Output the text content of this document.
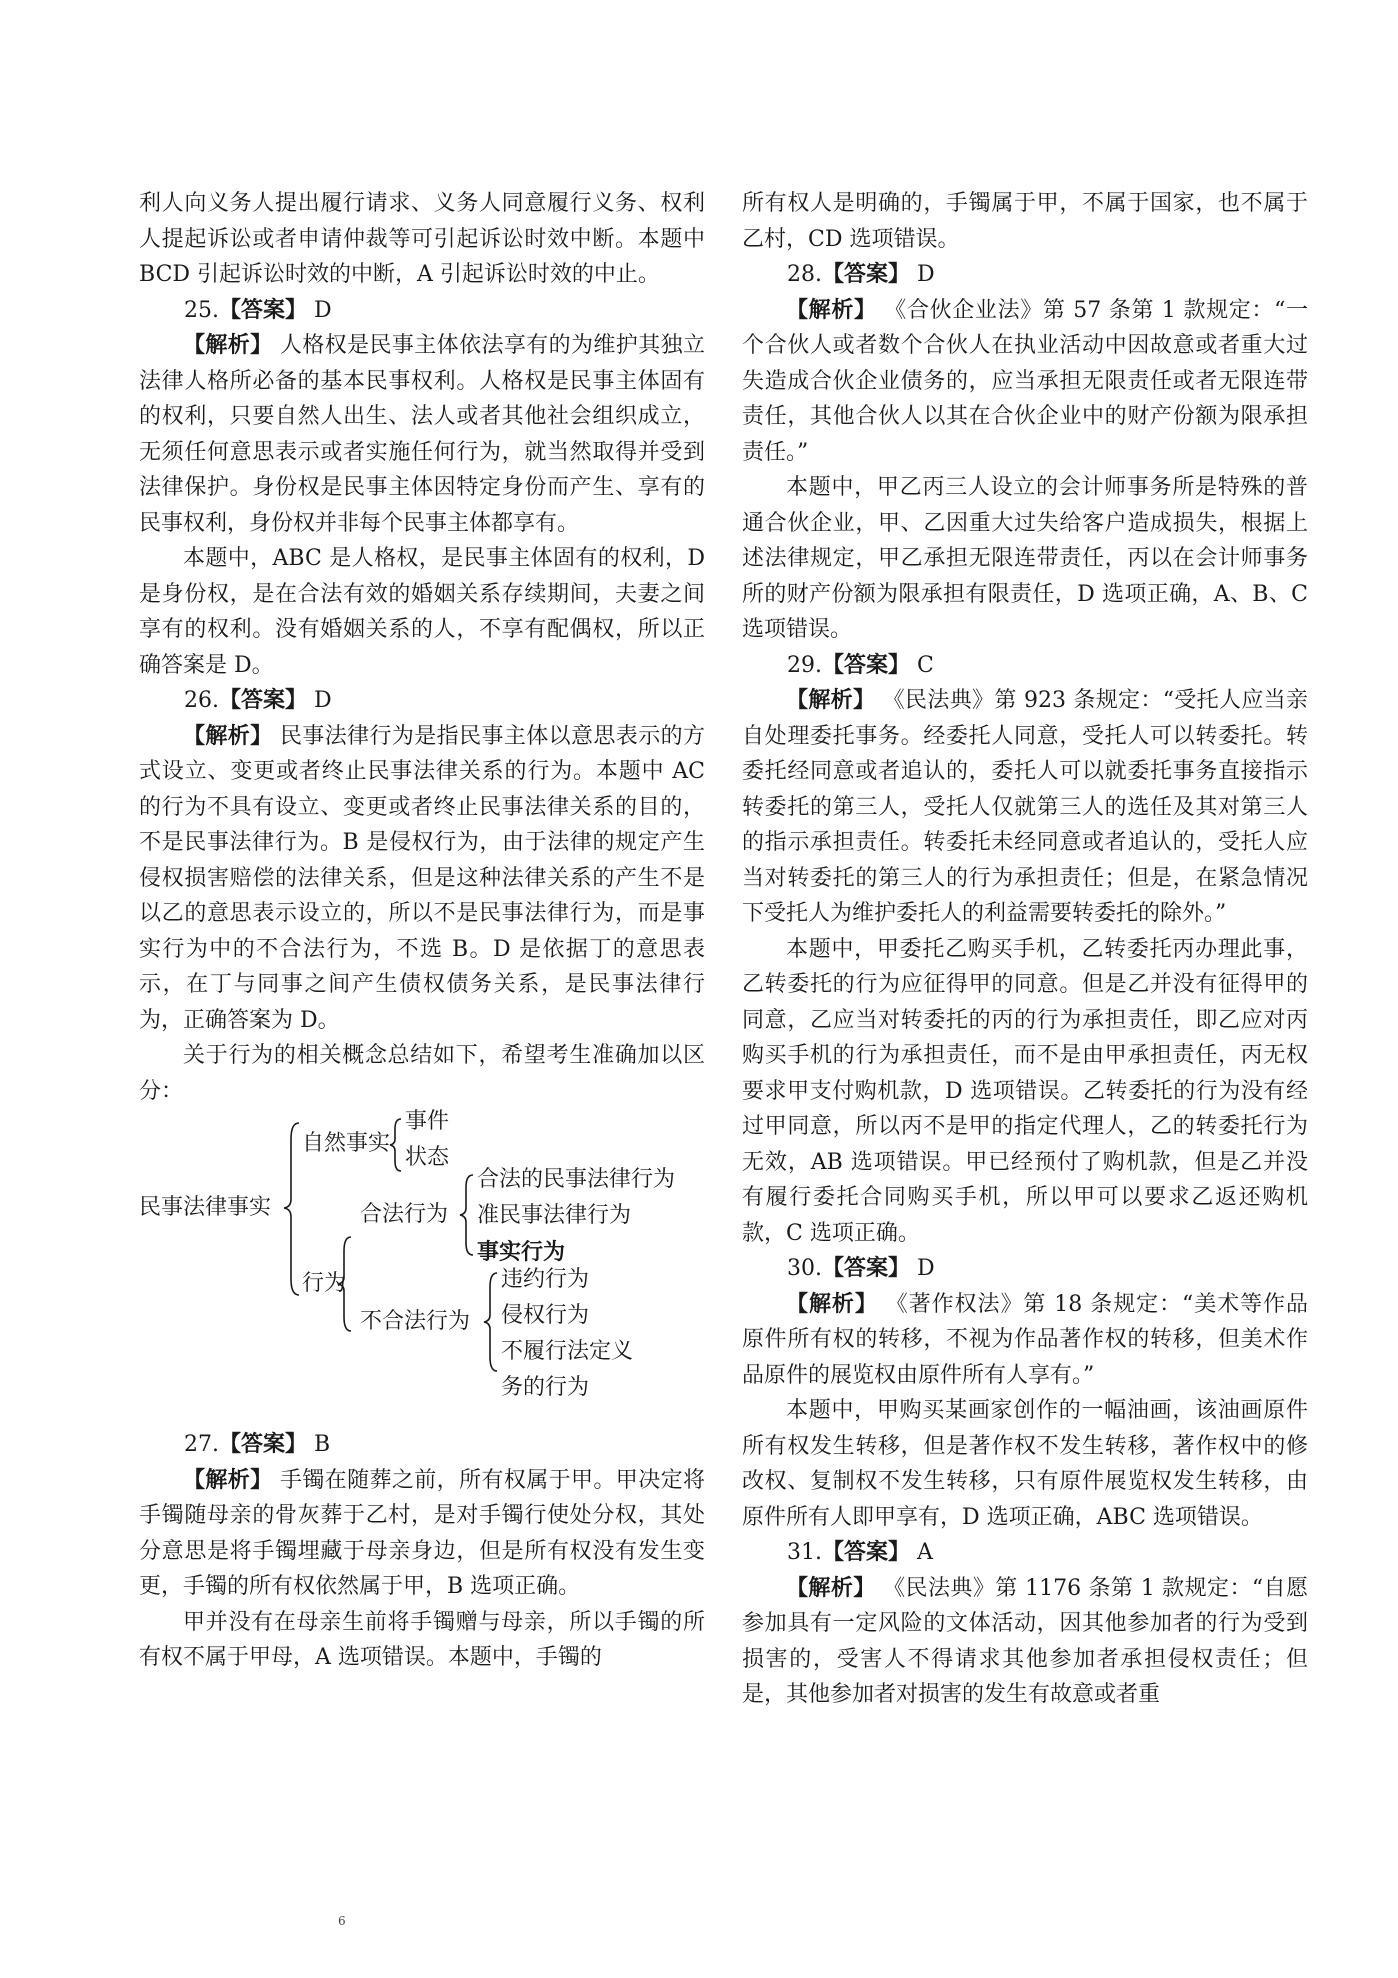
利人向义务人提出履行请求、义务人同意履行义务、权利人提起诉讼或者申请仲裁等可引起诉讼时效中断。本题中 BCD 引起诉讼时效的中断，A 引起诉讼时效的中止。

25.【答案】 D

【解析】 人格权是民事主体依法享有的为维护其独立法律人格所必备的基本民事权利。人格权是民事主体固有的权利，只要自然人出生、法人或者其他社会组织成立，无须任何意思表示或者实施任何行为，就当然取得并受到法律保护。身份权是民事主体因特定身份而产生、享有的民事权利，身份权并非每个民事主体都享有。

本题中，ABC 是人格权，是民事主体固有的权利，D 是身份权，是在合法有效的婚姻关系存续期间，夫妻之间享有的权利。没有婚姻关系的人，不享有配偶权，所以正确答案是 D。

26.【答案】 D

【解析】 民事法律行为是指民事主体以意思表示的方式设立、变更或者终止民事法律关系的行为。本题中 AC 的行为不具有设立、变更或者终止民事法律关系的目的，不是民事法律行为。B 是侵权行为，由于法律的规定产生侵权损害赔偿的法律关系，但是这种法律关系的产生不是以乙的意思表示设立的，所以不是民事法律行为，而是事实行为中的不合法行为，不选 B。D 是依据丁的意思表示，在丁与同事之间产生债权债务关系，是民事法律行为，正确答案为 D。

关于行为的相关概念总结如下，希望考生准确加以区分：

民事法律事实
自然事实
事件
状态
行为
合法行为
合法的民事法律行为
准民事法律行为
事实行为
不合法行为
违约行为
侵权行为
不履行法定义
务的行为

27.【答案】 B

【解析】 手镯在随葬之前，所有权属于甲。甲决定将手镯随母亲的骨灰葬于乙村，是对手镯行使处分权，其处分意思是将手镯埋藏于母亲身边，但是所有权没有发生变更，手镯的所有权依然属于甲，B 选项正确。

甲并没有在母亲生前将手镯赠与母亲，所以手镯的所有权不属于甲母，A 选项错误。本题中，手镯的

所有权人是明确的，手镯属于甲，不属于国家，也不属于乙村，CD 选项错误。

28.【答案】 D

【解析】 《合伙企业法》第 57 条第 1 款规定：“一个合伙人或者数个合伙人在执业活动中因故意或者重大过失造成合伙企业债务的，应当承担无限责任或者无限连带责任，其他合伙人以其在合伙企业中的财产份额为限承担责任。”

本题中，甲乙丙三人设立的会计师事务所是特殊的普通合伙企业，甲、乙因重大过失给客户造成损失，根据上述法律规定，甲乙承担无限连带责任，丙以在会计师事务所的财产份额为限承担有限责任，D 选项正确，A、B、C 选项错误。

29.【答案】 C

【解析】 《民法典》第 923 条规定：“受托人应当亲自处理委托事务。经委托人同意，受托人可以转委托。转委托经同意或者追认的，委托人可以就委托事务直接指示转委托的第三人，受托人仅就第三人的选任及其对第三人的指示承担责任。转委托未经同意或者追认的，受托人应当对转委托的第三人的行为承担责任；但是，在紧急情况下受托人为维护委托人的利益需要转委托的除外。”

本题中，甲委托乙购买手机，乙转委托丙办理此事，乙转委托的行为应征得甲的同意。但是乙并没有征得甲的同意，乙应当对转委托的丙的行为承担责任，即乙应对丙购买手机的行为承担责任，而不是由甲承担责任，丙无权要求甲支付购机款，D 选项错误。乙转委托的行为没有经过甲同意，所以丙不是甲的指定代理人，乙的转委托行为无效，AB 选项错误。甲已经预付了购机款，但是乙并没有履行委托合同购买手机，所以甲可以要求乙返还购机款，C 选项正确。

30.【答案】 D

【解析】 《著作权法》第 18 条规定：“美术等作品原件所有权的转移，不视为作品著作权的转移，但美术作品原件的展览权由原件所有人享有。”

本题中，甲购买某画家创作的一幅油画，该油画原件所有权发生转移，但是著作权不发生转移，著作权中的修改权、复制权不发生转移，只有原件展览权发生转移，由原件所有人即甲享有，D 选项正确，ABC 选项错误。

31.【答案】 A

【解析】 《民法典》第 1176 条第 1 款规定：“自愿参加具有一定风险的文体活动，因其他参加者的行为受到损害的，受害人不得请求其他参加者承担侵权责任；但是，其他参加者对损害的发生有故意或者重

6
